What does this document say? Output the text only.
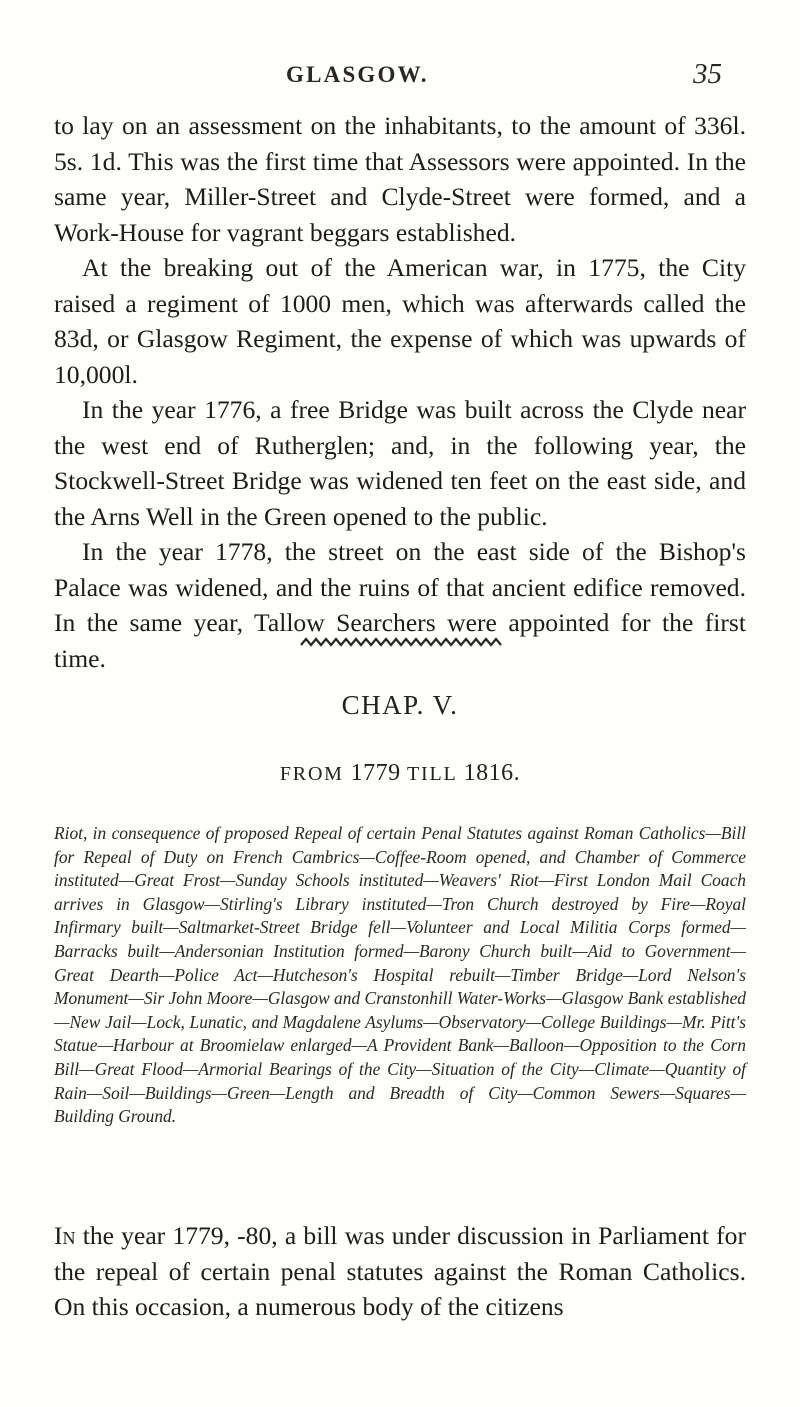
GLASGOW.	35

to lay on an assessment on the inhabitants, to the amount of 336l. 5s. 1d. This was the first time that Assessors were appointed. In the same year, Miller-Street and Clyde-Street were formed, and a Work-House for vagrant beggars established.

At the breaking out of the American war, in 1775, the City raised a regiment of 1000 men, which was afterwards called the 83d, or Glasgow Regiment, the expense of which was upwards of 10,000l.

In the year 1776, a free Bridge was built across the Clyde near the west end of Rutherglen; and, in the following year, the Stockwell-Street Bridge was widened ten feet on the east side, and the Arns Well in the Green opened to the public.

In the year 1778, the street on the east side of the Bishop's Palace was widened, and the ruins of that ancient edifice removed. In the same year, Tallow Searchers were appointed for the first time.

CHAP. V.
FROM 1779 TILL 1816.
Riot, in consequence of proposed Repeal of certain Penal Statutes against Roman Catholics—Bill for Repeal of Duty on French Cambrics—Coffee-Room opened, and Chamber of Commerce instituted—Great Frost—Sunday Schools instituted—Weavers' Riot—First London Mail Coach arrives in Glasgow—Stirling's Library instituted—Tron Church destroyed by Fire—Royal Infirmary built—Saltmarket-Street Bridge fell—Volunteer and Local Militia Corps formed—Barracks built—Andersonian Institution formed—Barony Church built—Aid to Government—Great Dearth—Police Act—Hutcheson's Hospital rebuilt—Timber Bridge—Lord Nelson's Monument—Sir John Moore—Glasgow and Cranstonhill Water-Works—Glasgow Bank established—New Jail—Lock, Lunatic, and Magdalene Asylums—Observatory—College Buildings—Mr. Pitt's Statue—Harbour at Broomielaw enlarged—A Provident Bank—Balloon—Opposition to the Corn Bill—Great Flood—Armorial Bearings of the City—Situation of the City—Climate—Quantity of Rain—Soil—Buildings—Green—Length and Breadth of City—Common Sewers—Squares—Building Ground.

In the year 1779, -80, a bill was under discussion in Parliament for the repeal of certain penal statutes against the Roman Catholics. On this occasion, a numerous body of the citizens
